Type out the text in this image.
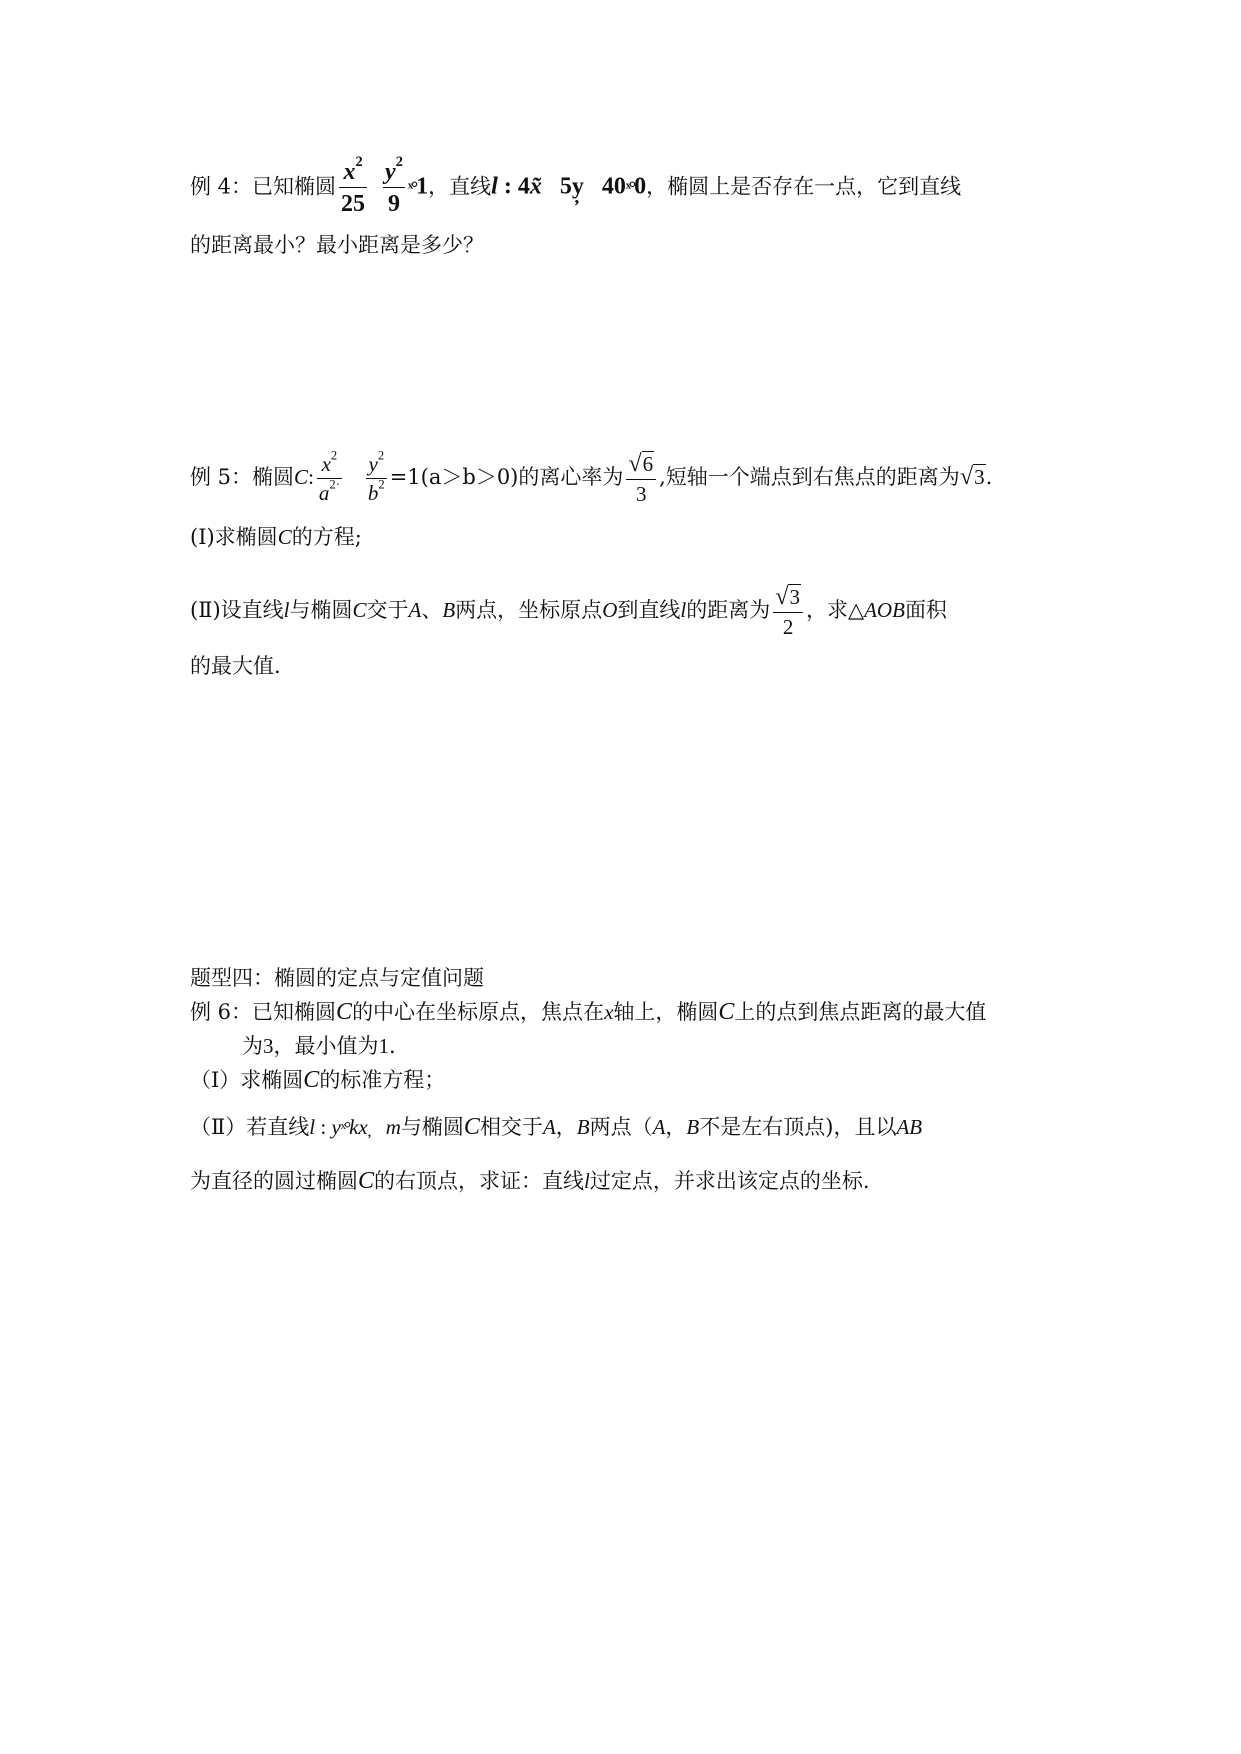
例 4：已知椭圆 $\frac{x^2}{25} \frac{y^2}{9}$ ˣ°1，直线l : 4x̃ 5y̦ 40ˣ°0，椭圆上是否存在一点，它到直线
的距离最小？最小距离是多少？
例 5：椭圆C: $\frac{x^2}{a^{2\cdot}} \frac{y^2}{b^2} =1(a>b>0)$的离心率为 $\frac{√6}{3}$ ,短轴一个端点到右焦点的距离为√3.
(Ⅰ)求椭圆C的方程;
(Ⅱ)设直线l与椭圆C交于A、B两点，坐标原点O到直线l的距离为 $\frac{√3}{2}$ ，求△AOB面积
的最大值.
题型四：椭圆的定点与定值问题
例 6：已知椭圆C的中心在坐标原点，焦点在x轴上，椭圆C上的点到焦点距离的最大值
为3，最小值为1.
（Ⅰ）求椭圆C的标准方程；
（Ⅱ）若直线l : yˣ°kx̦ m与椭圆C相交于A，B两点（A，B不是左右顶点)，且以AB
为直径的圆过椭圆C的右顶点，求证：直线l过定点，并求出该定点的坐标.
